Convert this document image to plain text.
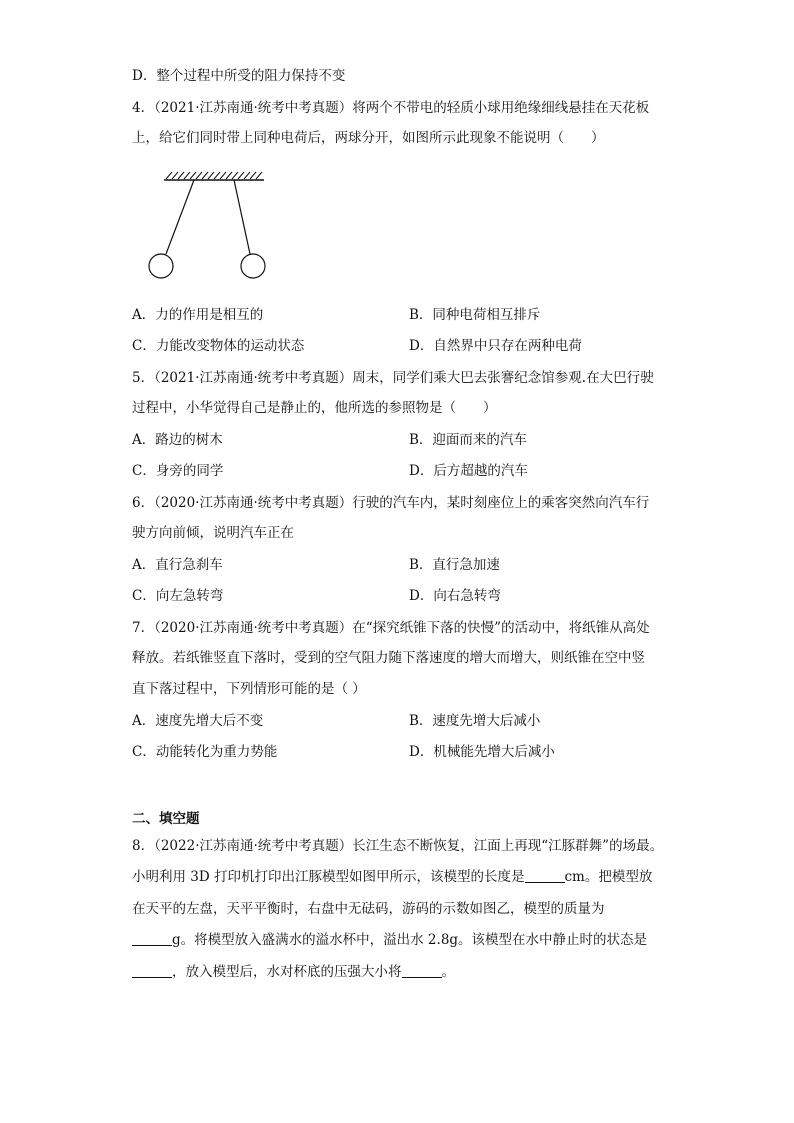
D．整个过程中所受的阻力保持不变
4．（2021·江苏南通·统考中考真题）将两个不带电的轻质小球用绝缘细线悬挂在天花板
上，给它们同时带上同种电荷后，两球分开，如图所示此现象不能说明（　　）
A．力的作用是相互的	B．同种电荷相互排斥
C．力能改变物体的运动状态	D．自然界中只存在两种电荷
5．（2021·江苏南通·统考中考真题）周末，同学们乘大巴去张謇纪念馆参观.在大巴行驶
过程中，小华觉得自己是静止的，他所选的参照物是（　　）
A．路边的树木	B．迎面而来的汽车
C．身旁的同学	D．后方超越的汽车
6．（2020·江苏南通·统考中考真题）行驶的汽车内，某时刻座位上的乘客突然向汽车行
驶方向前倾，说明汽车正在
A．直行急刹车	B．直行急加速
C．向左急转弯	D．向右急转弯
7．（2020·江苏南通·统考中考真题）在“探究纸锥下落的快慢”的活动中，将纸锥从高处
释放。若纸锥竖直下落时，受到的空气阻力随下落速度的增大而增大，则纸锥在空中竖
直下落过程中，下列情形可能的是（ ）
A．速度先增大后不变	B．速度先增大后减小
C．动能转化为重力势能	D．机械能先增大后减小
二、填空题
8．（2022·江苏南通·统考中考真题）长江生态不断恢复，江面上再现“江豚群舞”的场最。
小明利用 3D 打印机打印出江豚模型如图甲所示，该模型的长度是	cm。把模型放
在天平的左盘，天平平衡时，右盘中无砝码，游码的示数如图乙，模型的质量为
g。将模型放入盛满水的溢水杯中，溢出水 2.8g。该模型在水中静止时的状态是
，放入模型后，水对杯底的压强大小将	。
